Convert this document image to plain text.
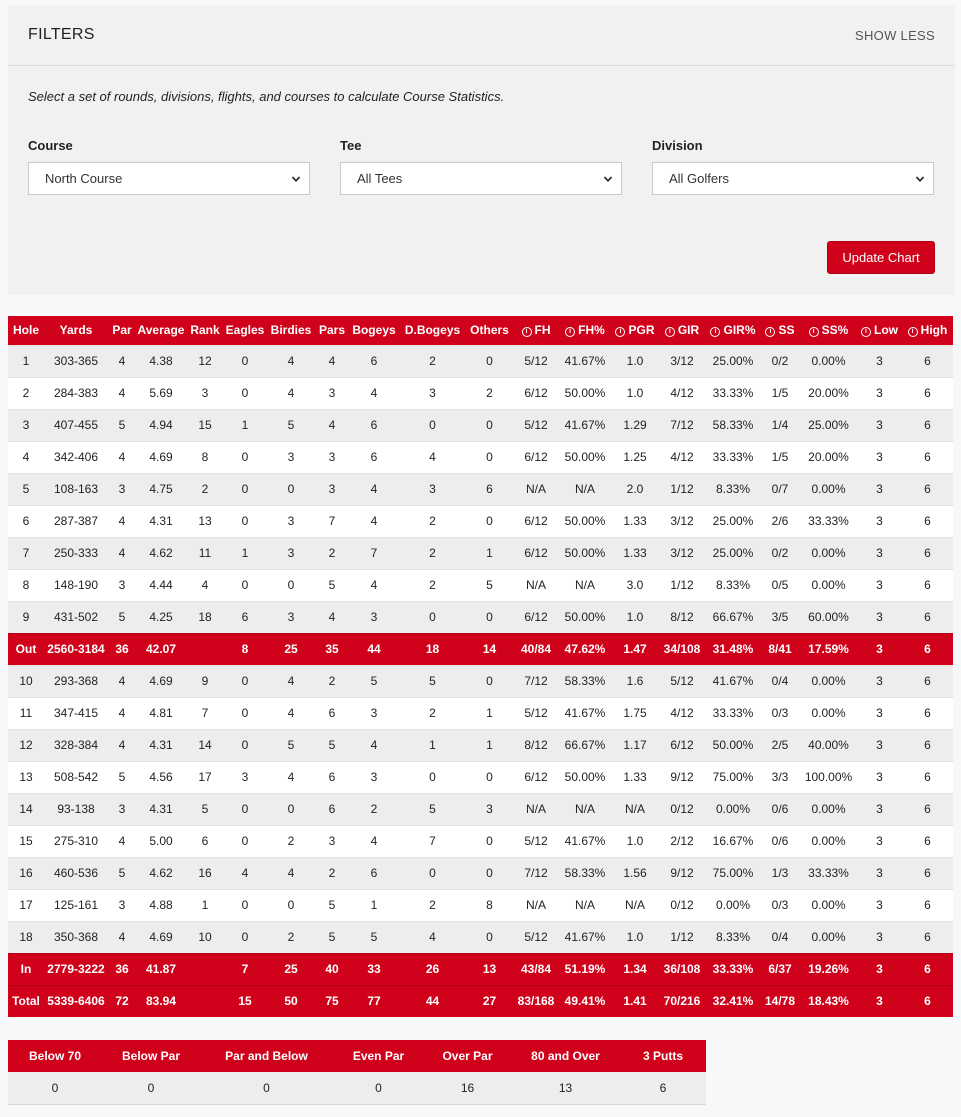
FILTERS	SHOW LESS
Select a set of rounds, divisions, flights, and courses to calculate Course Statistics.
Course
North Course
Tee
All Tees
Division
All Golfers
Update Chart
Hole	Yards	Par	Average	Rank	Eagles	Birdies	Pars	Bogeys	D.Bogeys	Others	i FH	i FH%	i PGR	i GIR	i GIR%	i SS	i SS%	i Low	i High
1	303-365	4	4.38	12	0	4	4	6	2	0	5/12	41.67%	1.0	3/12	25.00%	0/2	0.00%	3	6
2	284-383	4	5.69	3	0	4	3	4	3	2	6/12	50.00%	1.0	4/12	33.33%	1/5	20.00%	3	6
3	407-455	5	4.94	15	1	5	4	6	0	0	5/12	41.67%	1.29	7/12	58.33%	1/4	25.00%	3	6
4	342-406	4	4.69	8	0	3	3	6	4	0	6/12	50.00%	1.25	4/12	33.33%	1/5	20.00%	3	6
5	108-163	3	4.75	2	0	0	3	4	3	6	N/A	N/A	2.0	1/12	8.33%	0/7	0.00%	3	6
6	287-387	4	4.31	13	0	3	7	4	2	0	6/12	50.00%	1.33	3/12	25.00%	2/6	33.33%	3	6
7	250-333	4	4.62	11	1	3	2	7	2	1	6/12	50.00%	1.33	3/12	25.00%	0/2	0.00%	3	6
8	148-190	3	4.44	4	0	0	5	4	2	5	N/A	N/A	3.0	1/12	8.33%	0/5	0.00%	3	6
9	431-502	5	4.25	18	6	3	4	3	0	0	6/12	50.00%	1.0	8/12	66.67%	3/5	60.00%	3	6
Out	2560-3184	36	42.07		8	25	35	44	18	14	40/84	47.62%	1.47	34/108	31.48%	8/41	17.59%	3	6
10	293-368	4	4.69	9	0	4	2	5	5	0	7/12	58.33%	1.6	5/12	41.67%	0/4	0.00%	3	6
11	347-415	4	4.81	7	0	4	6	3	2	1	5/12	41.67%	1.75	4/12	33.33%	0/3	0.00%	3	6
12	328-384	4	4.31	14	0	5	5	4	1	1	8/12	66.67%	1.17	6/12	50.00%	2/5	40.00%	3	6
13	508-542	5	4.56	17	3	4	6	3	0	0	6/12	50.00%	1.33	9/12	75.00%	3/3	100.00%	3	6
14	93-138	3	4.31	5	0	0	6	2	5	3	N/A	N/A	N/A	0/12	0.00%	0/6	0.00%	3	6
15	275-310	4	5.00	6	0	2	3	4	7	0	5/12	41.67%	1.0	2/12	16.67%	0/6	0.00%	3	6
16	460-536	5	4.62	16	4	4	2	6	0	0	7/12	58.33%	1.56	9/12	75.00%	1/3	33.33%	3	6
17	125-161	3	4.88	1	0	0	5	1	2	8	N/A	N/A	N/A	0/12	0.00%	0/3	0.00%	3	6
18	350-368	4	4.69	10	0	2	5	5	4	0	5/12	41.67%	1.0	1/12	8.33%	0/4	0.00%	3	6
In	2779-3222	36	41.87		7	25	40	33	26	13	43/84	51.19%	1.34	36/108	33.33%	6/37	19.26%	3	6
Total	5339-6406	72	83.94		15	50	75	77	44	27	83/168	49.41%	1.41	70/216	32.41%	14/78	18.43%	3	6
Below 70	Below Par	Par and Below	Even Par	Over Par	80 and Over	3 Putts
0	0	0	0	16	13	6
